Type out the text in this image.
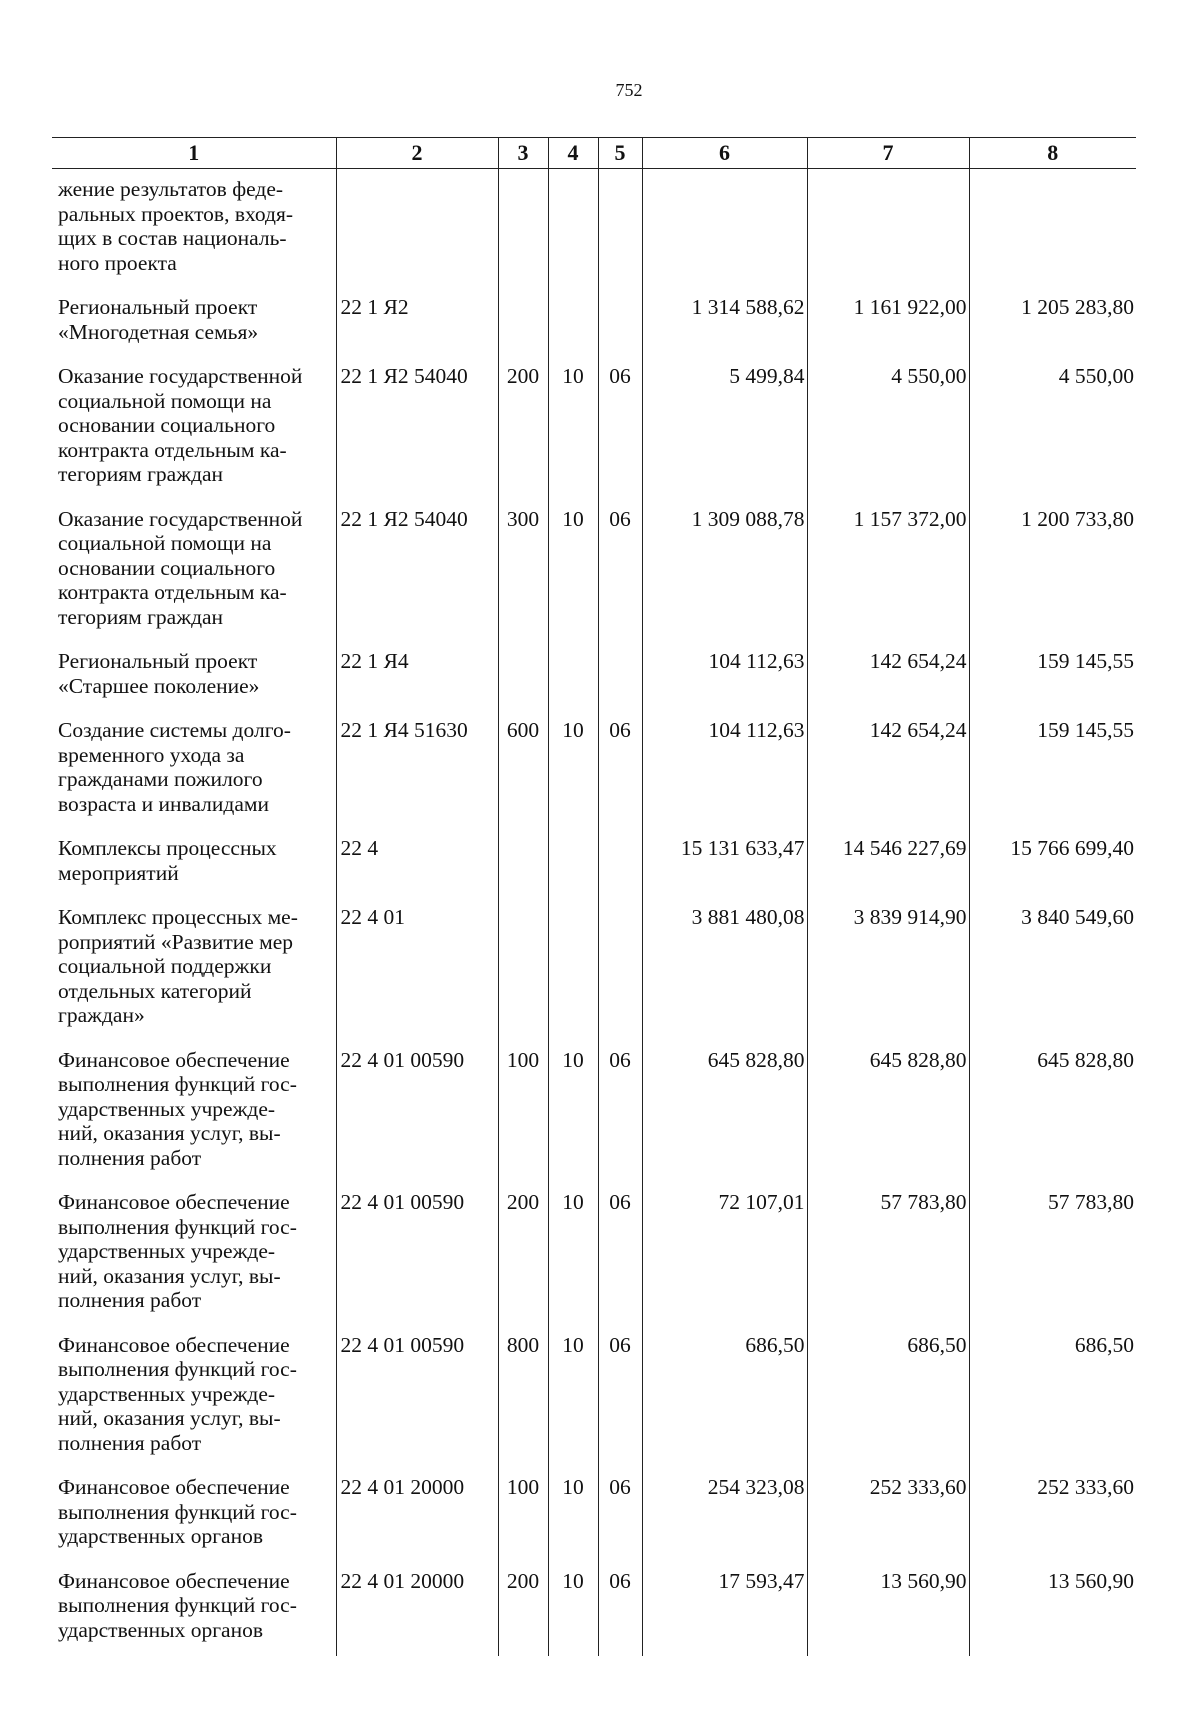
752
1	2	3	4	5	6	7	8
жение результатов феде-
ральных проектов, входя-
щих в состав националь-
ного проекта							
Региональный проект
«Многодетная семья»	22 1 Я2				1 314 588,62	1 161 922,00	1 205 283,80
Оказание государственной
социальной помощи на
основании социального
контракта отдельным ка-
тегориям граждан	22 1 Я2 54040	200	10	06	5 499,84	4 550,00	4 550,00
Оказание государственной
социальной помощи на
основании социального
контракта отдельным ка-
тегориям граждан	22 1 Я2 54040	300	10	06	1 309 088,78	1 157 372,00	1 200 733,80
Региональный проект
«Старшее поколение»	22 1 Я4				104 112,63	142 654,24	159 145,55
Создание системы долго-
временного ухода за
гражданами пожилого
возраста и инвалидами	22 1 Я4 51630	600	10	06	104 112,63	142 654,24	159 145,55
Комплексы процессных
мероприятий	22 4				15 131 633,47	14 546 227,69	15 766 699,40
Комплекс процессных ме-
роприятий «Развитие мер
социальной поддержки
отдельных категорий
граждан»	22 4 01				3 881 480,08	3 839 914,90	3 840 549,60
Финансовое обеспечение
выполнения функций гос-
ударственных учрежде-
ний, оказания услуг, вы-
полнения работ	22 4 01 00590	100	10	06	645 828,80	645 828,80	645 828,80
Финансовое обеспечение
выполнения функций гос-
ударственных учрежде-
ний, оказания услуг, вы-
полнения работ	22 4 01 00590	200	10	06	72 107,01	57 783,80	57 783,80
Финансовое обеспечение
выполнения функций гос-
ударственных учрежде-
ний, оказания услуг, вы-
полнения работ	22 4 01 00590	800	10	06	686,50	686,50	686,50
Финансовое обеспечение
выполнения функций гос-
ударственных органов	22 4 01 20000	100	10	06	254 323,08	252 333,60	252 333,60
Финансовое обеспечение
выполнения функций гос-
ударственных органов	22 4 01 20000	200	10	06	17 593,47	13 560,90	13 560,90
